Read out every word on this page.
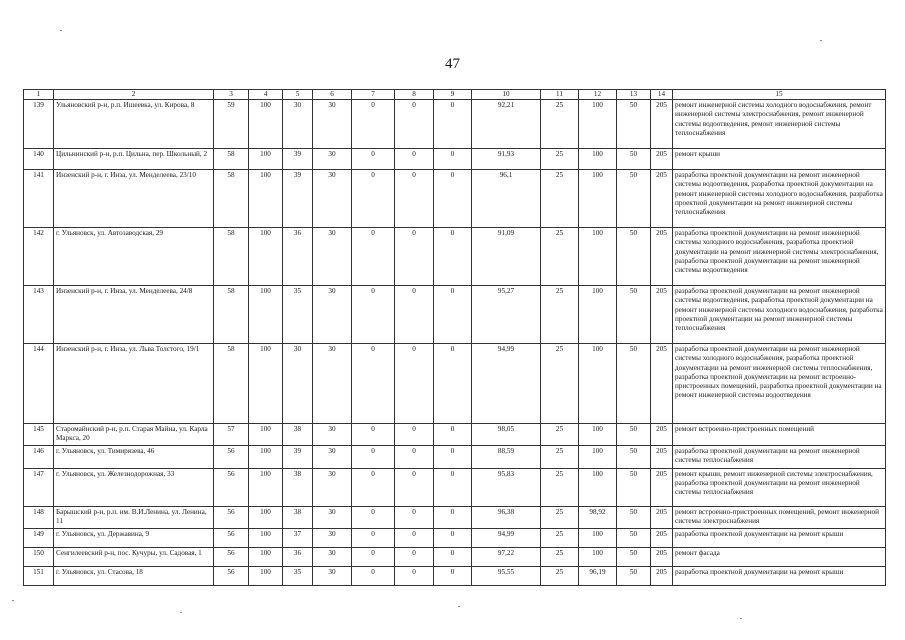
47
1	2	3	4	5	6	7	8	9	10	11	12	13	14	15
139	Ульяновский р-н, р.п. Ишеевка, ул. Кирова, 8	59	100	30	30	0	0	0	92,21	25	100	50	205	ремонт инженерной системы холодного водоснабжения, ремонт инженерной системы электроснабжения, ремонт инженерной системы водоотведения, ремонт инженерной системы теплоснабжения
140	Цильнинский р-н, р.п. Цильна, пер. Школьный, 2	58	100	39	30	0	0	0	91,93	25	100	50	205	ремонт крыши
141	Инзенский р-н, г. Инза, ул. Менделеева, 23/10	58	100	39	30	0	0	0	96,1	25	100	50	205	разработка проектной документации на ремонт инженерной системы водоотведения, разработка проектной документации на ремонт инженерной системы холодного водоснабжения, разработка проектной документации на ремонт инженерной системы теплоснабжения
142	г. Ульяновск, ул. Автозаводская, 29	58	100	36	30	0	0	0	91,09	25	100	50	205	разработка проектной документации на ремонт инженерной системы холодного водоснабжения, разработка проектной документации на ремонт инженерной системы электроснабжения, разработка проектной документации на ремонт инженерной системы водоотведения
143	Инзенский р-н, г. Инза, ул. Менделеева, 24/8	58	100	35	30	0	0	0	95,27	25	100	50	205	разработка проектной документации на ремонт инженерной системы водоотведения, разработка проектной документации на ремонт инженерной системы холодного водоснабжения, разработка проектной документации на ремонт инженерной системы теплоснабжения
144	Инзенский р-н, г. Инза, ул. Льва Толстого, 19/1	58	100	30	30	0	0	0	94,99	25	100	50	205	разработка проектной документации на ремонт инженерной системы холодного водоснабжения, разработка проектной документации на ремонт инженерной системы теплоснабжения, разработка проектной документации на ремонт встроенно-пристроенных помещений, разработка проектной документации на ремонт инженерной системы водоотведения
145	Старомайнский р-н, р.п. Старая Майна, ул. Карла Маркса, 20	57	100	38	30	0	0	0	98,05	25	100	50	205	ремонт встроенно-пристроенных помещений
146	г. Ульяновск, ул. Тимирязева, 46	56	100	39	30	0	0	0	88,59	25	100	50	205	разработка проектной документации на ремонт инженерной системы теплоснабжения
147	г. Ульяновск, ул. Железнодорожная, 33	56	100	38	30	0	0	0	95,83	25	100	50	205	ремонт крыши, ремонт инженерной системы электроснабжения, разработка проектной документации на ремонт инженерной системы теплоснабжения
148	Барышский р-н, р.п. им. В.И.Ленина, ул. Ленина, 11	56	100	38	30	0	0	0	96,38	25	98,92	50	205	ремонт встроенно-пристроенных помещений, ремонт инженерной системы электроснабжения
149	г. Ульяновск, ул. Державина, 9	56	100	37	30	0	0	0	94,99	25	100	50	205	разработка проектной документации на ремонт крыши
150	Сенгилеевский р-н, пос. Кучуры, ул. Садовая, 1	56	100	36	30	0	0	0	97,22	25	100	50	205	ремонт фасада
151	г. Ульяновск, ул. Стасова, 18	56	100	35	30	0	0	0	95,55	25	96,19	50	205	разработка проектной документации на ремонт крыши
